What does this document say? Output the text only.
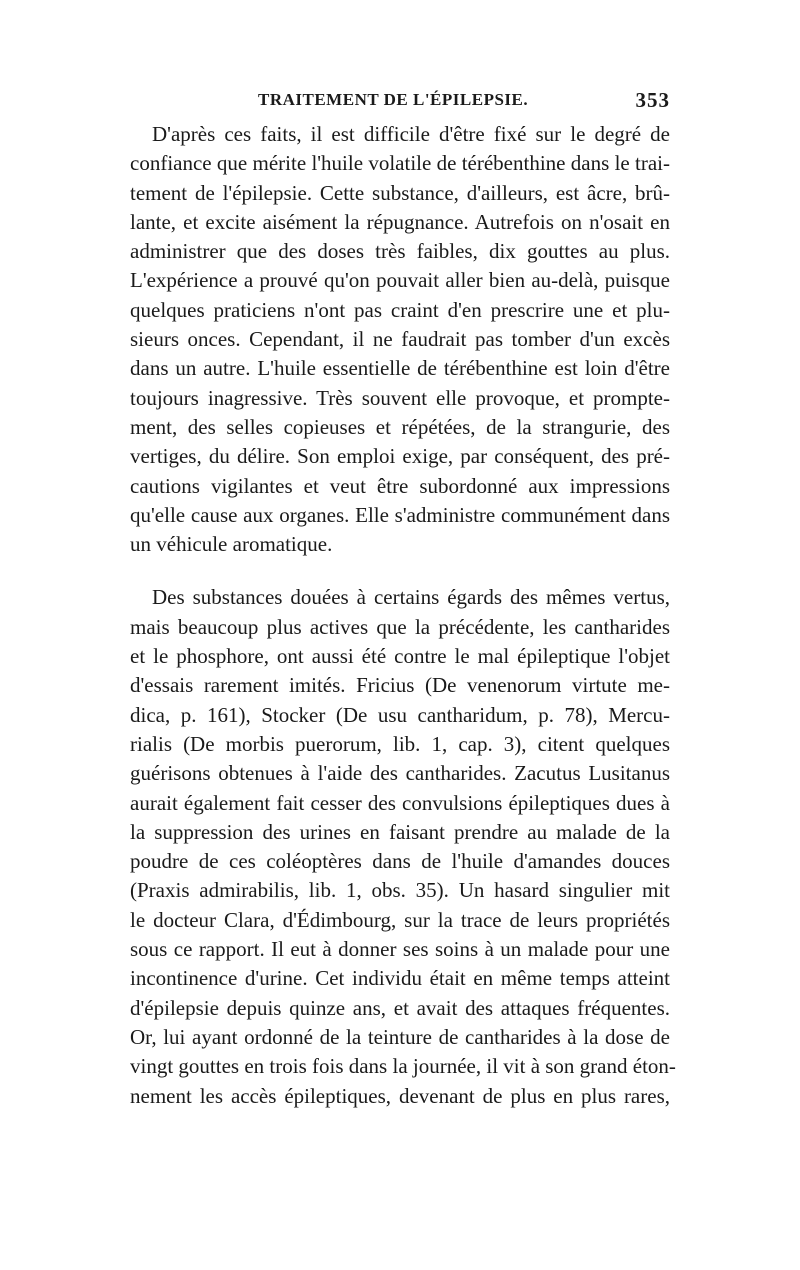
TRAITEMENT DE L'ÉPILEPSIE.	353
D'après ces faits, il est difficile d'être fixé sur le degré de
confiance que mérite l'huile volatile de térébenthine dans le trai-
tement de l'épilepsie. Cette substance, d'ailleurs, est âcre, brû-
lante, et excite aisément la répugnance. Autrefois on n'osait en
administrer que des doses très faibles, dix gouttes au plus.
L'expérience a prouvé qu'on pouvait aller bien au-delà, puisque
quelques praticiens n'ont pas craint d'en prescrire une et plu-
sieurs onces. Cependant, il ne faudrait pas tomber d'un excès
dans un autre. L'huile essentielle de térébenthine est loin d'être
toujours inagressive. Très souvent elle provoque, et prompte-
ment, des selles copieuses et répétées, de la strangurie, des
vertiges, du délire. Son emploi exige, par conséquent, des pré-
cautions vigilantes et veut être subordonné aux impressions
qu'elle cause aux organes. Elle s'administre communément dans
un véhicule aromatique.
Des substances douées à certains égards des mêmes vertus,
mais beaucoup plus actives que la précédente, les cantharides
et le phosphore, ont aussi été contre le mal épileptique l'objet
d'essais rarement imités. Fricius (De venenorum virtute me-
dica, p. 161), Stocker (De usu cantharidum, p. 78), Mercu-
rialis (De morbis puerorum, lib. 1, cap. 3), citent quelques
guérisons obtenues à l'aide des cantharides. Zacutus Lusitanus
aurait également fait cesser des convulsions épileptiques dues à
la suppression des urines en faisant prendre au malade de la
poudre de ces coléoptères dans de l'huile d'amandes douces
(Praxis admirabilis, lib. 1, obs. 35). Un hasard singulier mit
le docteur Clara, d'Édimbourg, sur la trace de leurs propriétés
sous ce rapport. Il eut à donner ses soins à un malade pour une
incontinence d'urine. Cet individu était en même temps atteint
d'épilepsie depuis quinze ans, et avait des attaques fréquentes.
Or, lui ayant ordonné de la teinture de cantharides à la dose de
vingt gouttes en trois fois dans la journée, il vit à son grand éton-
nement les accès épileptiques, devenant de plus en plus rares,
